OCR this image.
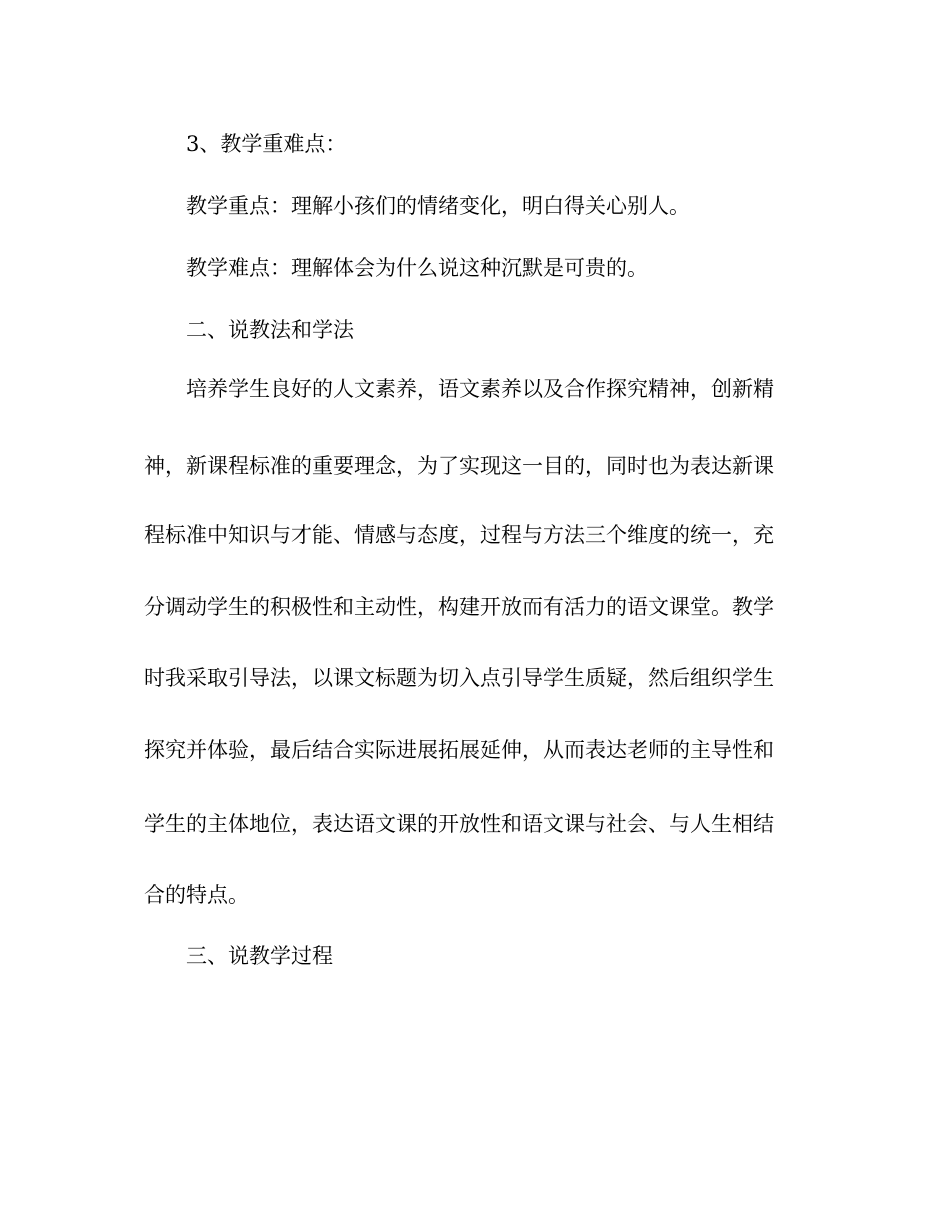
3、教学重难点：
教学重点：理解小孩们的情绪变化，明白得关心别人。
教学难点：理解体会为什么说这种沉默是可贵的。
二、说教法和学法
培养学生良好的人文素养，语文素养以及合作探究精神，创新精
神，新课程标准的重要理念，为了实现这一目的，同时也为表达新课
程标准中知识与才能、情感与态度，过程与方法三个维度的统一，充
分调动学生的积极性和主动性，构建开放而有活力的语文课堂。教学
时我采取引导法，以课文标题为切入点引导学生质疑，然后组织学生
探究并体验，最后结合实际进展拓展延伸，从而表达老师的主导性和
学生的主体地位，表达语文课的开放性和语文课与社会、与人生相结
合的特点。
三、说教学过程
